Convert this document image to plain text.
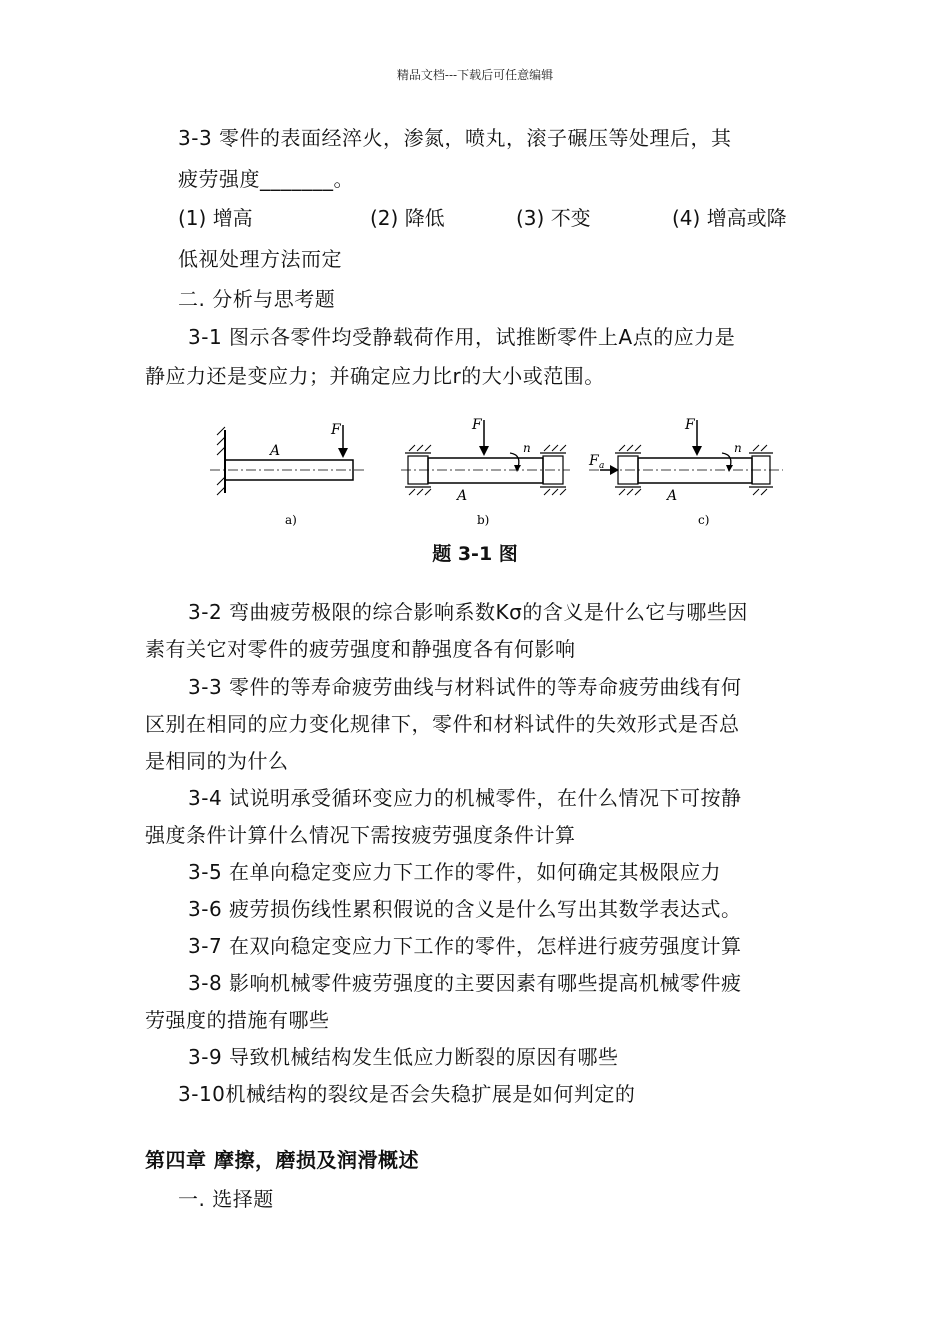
精品文档---下载后可任意编辑
3-3 零件的表面经淬火，渗氮，喷丸，滚子碾压等处理后，其
疲劳强度_______。
(1) 增高	(2) 降低	(3) 不变	(4) 增高或降
低视处理方法而定
二. 分析与思考题
3-1 图示各零件均受静载荷作用，试推断零件上A点的应力是
静应力还是变应力；并确定应力比r的大小或范围。
F
A
a)
F
n
A
b)
F
F a
n
A
c)
题 3-1 图
3-2 弯曲疲劳极限的综合影响系数Kσ的含义是什么它与哪些因
素有关它对零件的疲劳强度和静强度各有何影响
3-3 零件的等寿命疲劳曲线与材料试件的等寿命疲劳曲线有何
区别在相同的应力变化规律下，零件和材料试件的失效形式是否总
是相同的为什么
3-4 试说明承受循环变应力的机械零件，在什么情况下可按静
强度条件计算什么情况下需按疲劳强度条件计算
3-5 在单向稳定变应力下工作的零件，如何确定其极限应力
3-6 疲劳损伤线性累积假说的含义是什么写出其数学表达式。
3-7 在双向稳定变应力下工作的零件，怎样进行疲劳强度计算
3-8 影响机械零件疲劳强度的主要因素有哪些提高机械零件疲
劳强度的措施有哪些
3-9 导致机械结构发生低应力断裂的原因有哪些
3-10机械结构的裂纹是否会失稳扩展是如何判定的
第四章 摩擦，磨损及润滑概述
一. 选择题
